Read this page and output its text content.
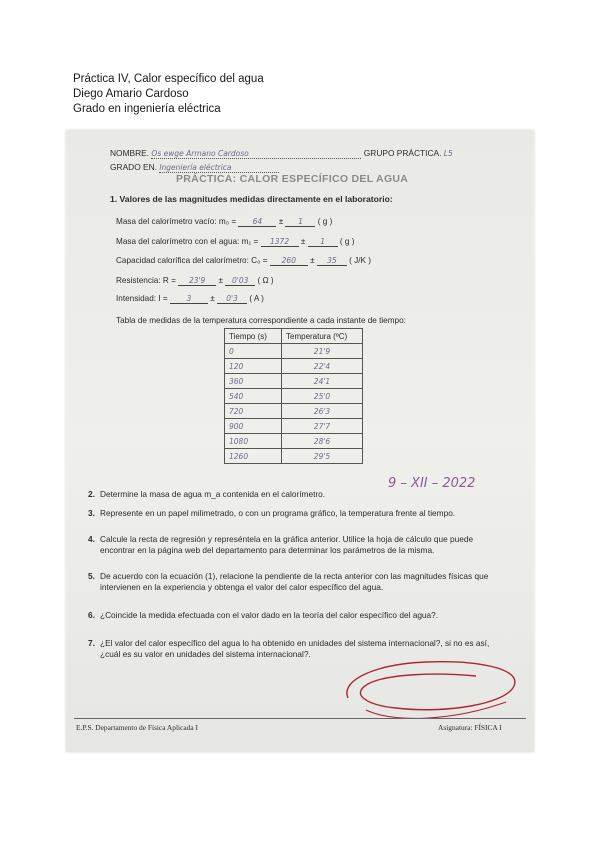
Práctica IV, Calor específico del agua
Diego Amario Cardoso
Grado en ingeniería eléctrica
NOMBRE. Os ewge Armano Cardoso	GRUPO PRÁCTICA. L5
GRADO EN. Ingeniería eléctrica
PRÁCTICA: CALOR ESPECÍFICO DEL AGUA
1. Valores de las magnitudes medidas directamente en el laboratorio:
Masa del calorímetro vacío: m₀ = 64 ± 1 ( g )
Masa del calorímetro con el agua: m₁ = 1372 ± 1 ( g )
Capacidad calorífica del calorímetro: C₀ = 260 ± 35 ( J/K )
Resistencia: R = 23'9 ± 0'03 ( Ω )
Intensidad: I =	3 ± 0'3 ( A )
Tabla de medidas de la temperatura correspondiente a cada instante de tiempo:
Tiempo (s)	Temperatura (ºC)
0	21'9
120	22'4
360	24'1
540	25'0
720	26'3
900	27'7
1080	28'6
1260	29'5
9 – XII – 2022
2. Determine la masa de agua m_a contenida en el calorímetro.
3. Represente en un papel milimetrado, o con un programa gráfico, la temperatura frente al tiempo.
4. Calcule la recta de regresión y represéntela en la gráfica anterior. Utilice la hoja de cálculo que puede encontrar en la página web del departamento para determinar los parámetros de la misma.
5. De acuerdo con la ecuación (1), relacione la pendiente de la recta anterior con las magnitudes físicas que intervienen en la experiencia y obtenga el valor del calor específico del agua.
6. ¿Coincide la medida efectuada con el valor dado en la teoría del calor específico del agua?.
7. ¿El valor del calor específico del agua lo ha obtenido en unidades del sistema internacional?, si no es así, ¿cuál es su valor en unidades del sistema internacional?.
E.P.S. Departamento de Física Aplicada I	Asignatura: FÍSICA I
